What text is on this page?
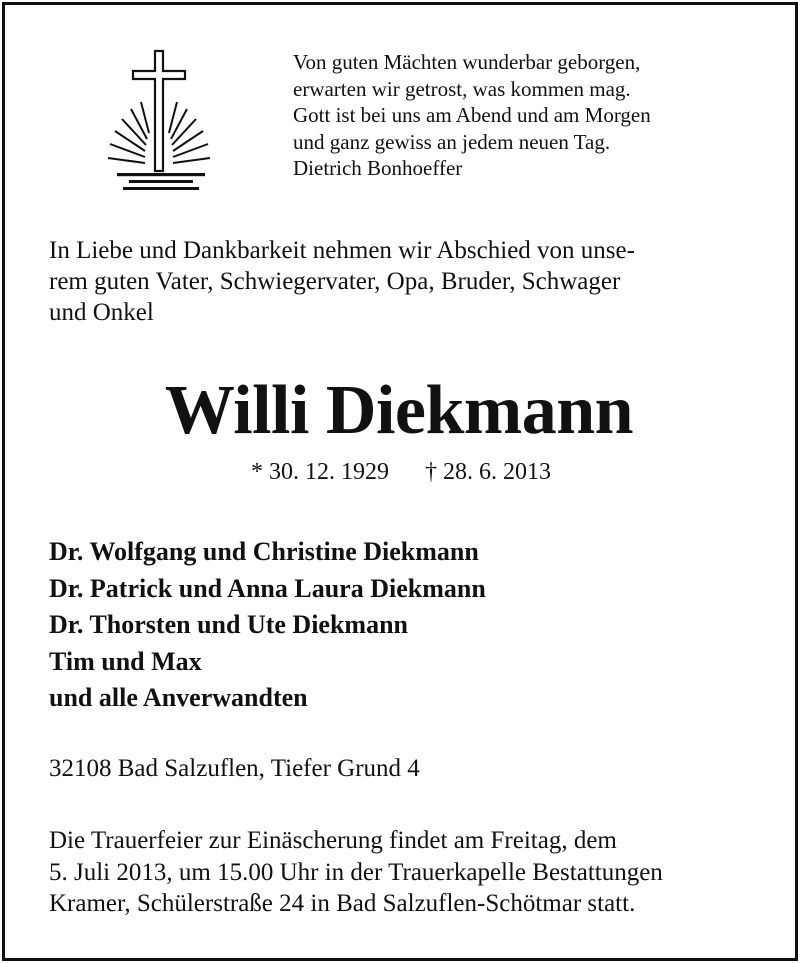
Von guten Mächten wunderbar geborgen,
erwarten wir getrost, was kommen mag.
Gott ist bei uns am Abend und am Morgen
und ganz gewiss an jedem neuen Tag.
Dietrich Bonhoeffer
In Liebe und Dankbarkeit nehmen wir Abschied von unse-
rem guten Vater, Schwiegervater, Opa, Bruder, Schwager
und Onkel
Willi Diekmann
* 30. 12. 1929 † 28. 6. 2013
Dr. Wolfgang und Christine Diekmann
Dr. Patrick und Anna Laura Diekmann
Dr. Thorsten und Ute Diekmann
Tim und Max
und alle Anverwandten
32108 Bad Salzuflen, Tiefer Grund 4
Die Trauerfeier zur Einäscherung findet am Freitag, dem
5. Juli 2013, um 15.00 Uhr in der Trauerkapelle Bestattungen
Kramer, Schülerstraße 24 in Bad Salzuflen-Schötmar statt.
